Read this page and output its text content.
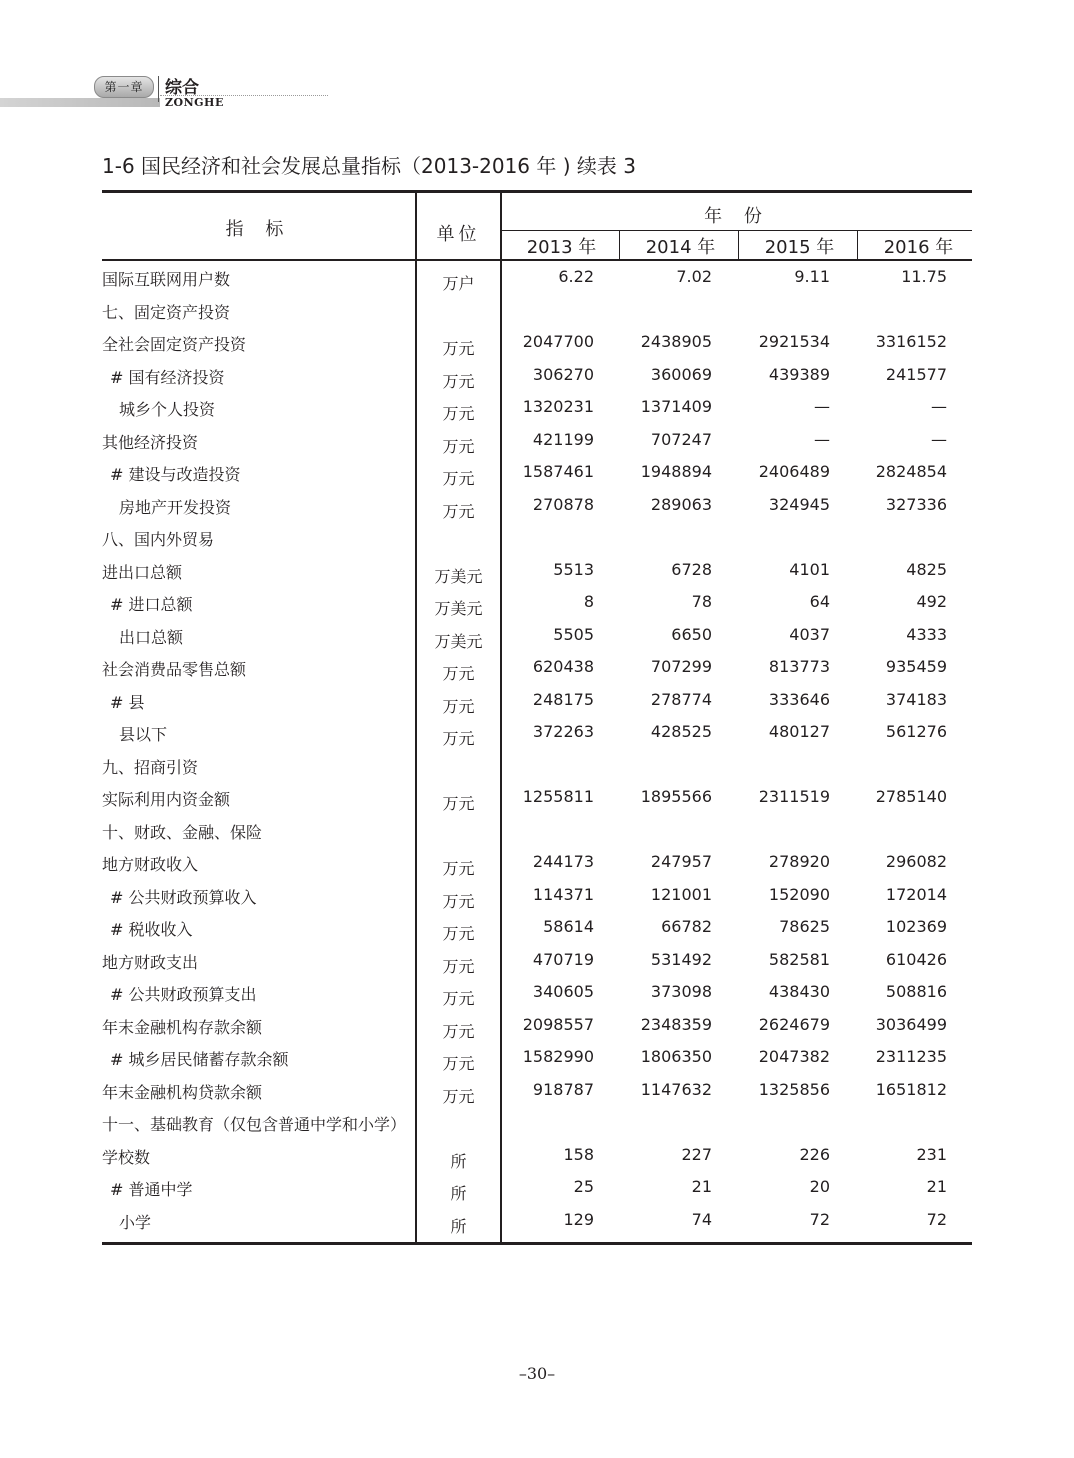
第一章	综合
ZONGHE
1-6 国民经济和社会发展总量指标（2013-2016 年 ) 续表 3
指 标	单位
年 份
2013 年	2014 年	2015 年	2016 年
国际互联网用户数	万户	6.22	7.02	9.11	11.75
七、固定资产投资
全社会固定资产投资	万元	2047700	2438905	2921534	3316152
# 国有经济投资	万元	306270	360069	439389	241577
城乡个人投资	万元	1320231	1371409	—	—
其他经济投资	万元	421199	707247	—	—
# 建设与改造投资	万元	1587461	1948894	2406489	2824854
房地产开发投资	万元	270878	289063	324945	327336
八、国内外贸易
进出口总额	万美元	5513	6728	4101	4825
# 进口总额	万美元	8	78	64	492
出口总额	万美元	5505	6650	4037	4333
社会消费品零售总额	万元	620438	707299	813773	935459
# 县	万元	248175	278774	333646	374183
县以下	万元	372263	428525	480127	561276
九、招商引资
实际利用内资金额	万元	1255811	1895566	2311519	2785140
十、财政、金融、保险
地方财政收入	万元	244173	247957	278920	296082
# 公共财政预算收入	万元	114371	121001	152090	172014
# 税收收入	万元	58614	66782	78625	102369
地方财政支出	万元	470719	531492	582581	610426
# 公共财政预算支出	万元	340605	373098	438430	508816
年末金融机构存款余额	万元	2098557	2348359	2624679	3036499
# 城乡居民储蓄存款余额	万元	1582990	1806350	2047382	2311235
年末金融机构贷款余额	万元	918787	1147632	1325856	1651812
十一、基础教育（仅包含普通中学和小学）
学校数	所	158	227	226	231
# 普通中学	所	25	21	20	21
小学	所	129	74	72	72
–30–
